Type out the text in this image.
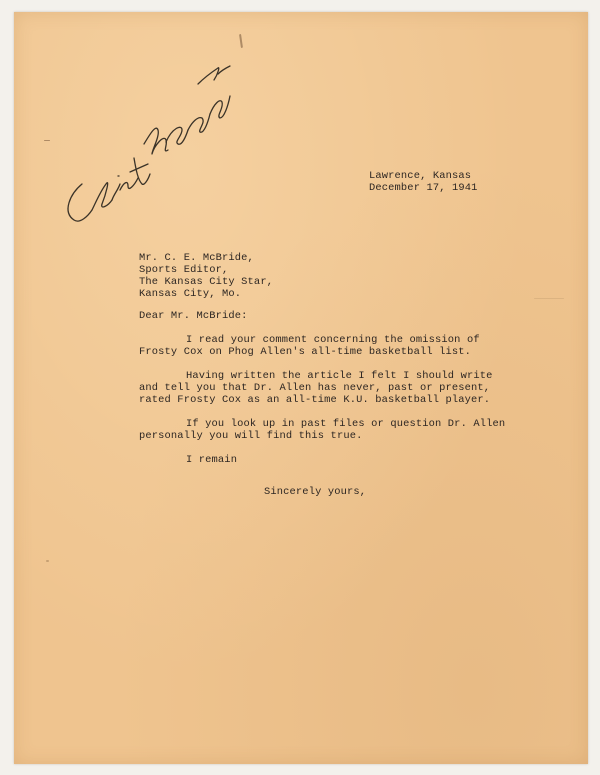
Lawrence, Kansas
December 17, 1941
Mr. C. E. McBride,
Sports Editor,
The Kansas City Star,
Kansas City, Mo.
Dear Mr. McBride:
I read your comment concerning the omission of
Frosty Cox on Phog Allen's all-time basketball list.
Having written the article I felt I should write
and tell you that Dr. Allen has never, past or present,
rated Frosty Cox as an all-time K.U. basketball player.
If you look up in past files or question Dr. Allen
personally you will find this true.
I remain
Sincerely yours,
